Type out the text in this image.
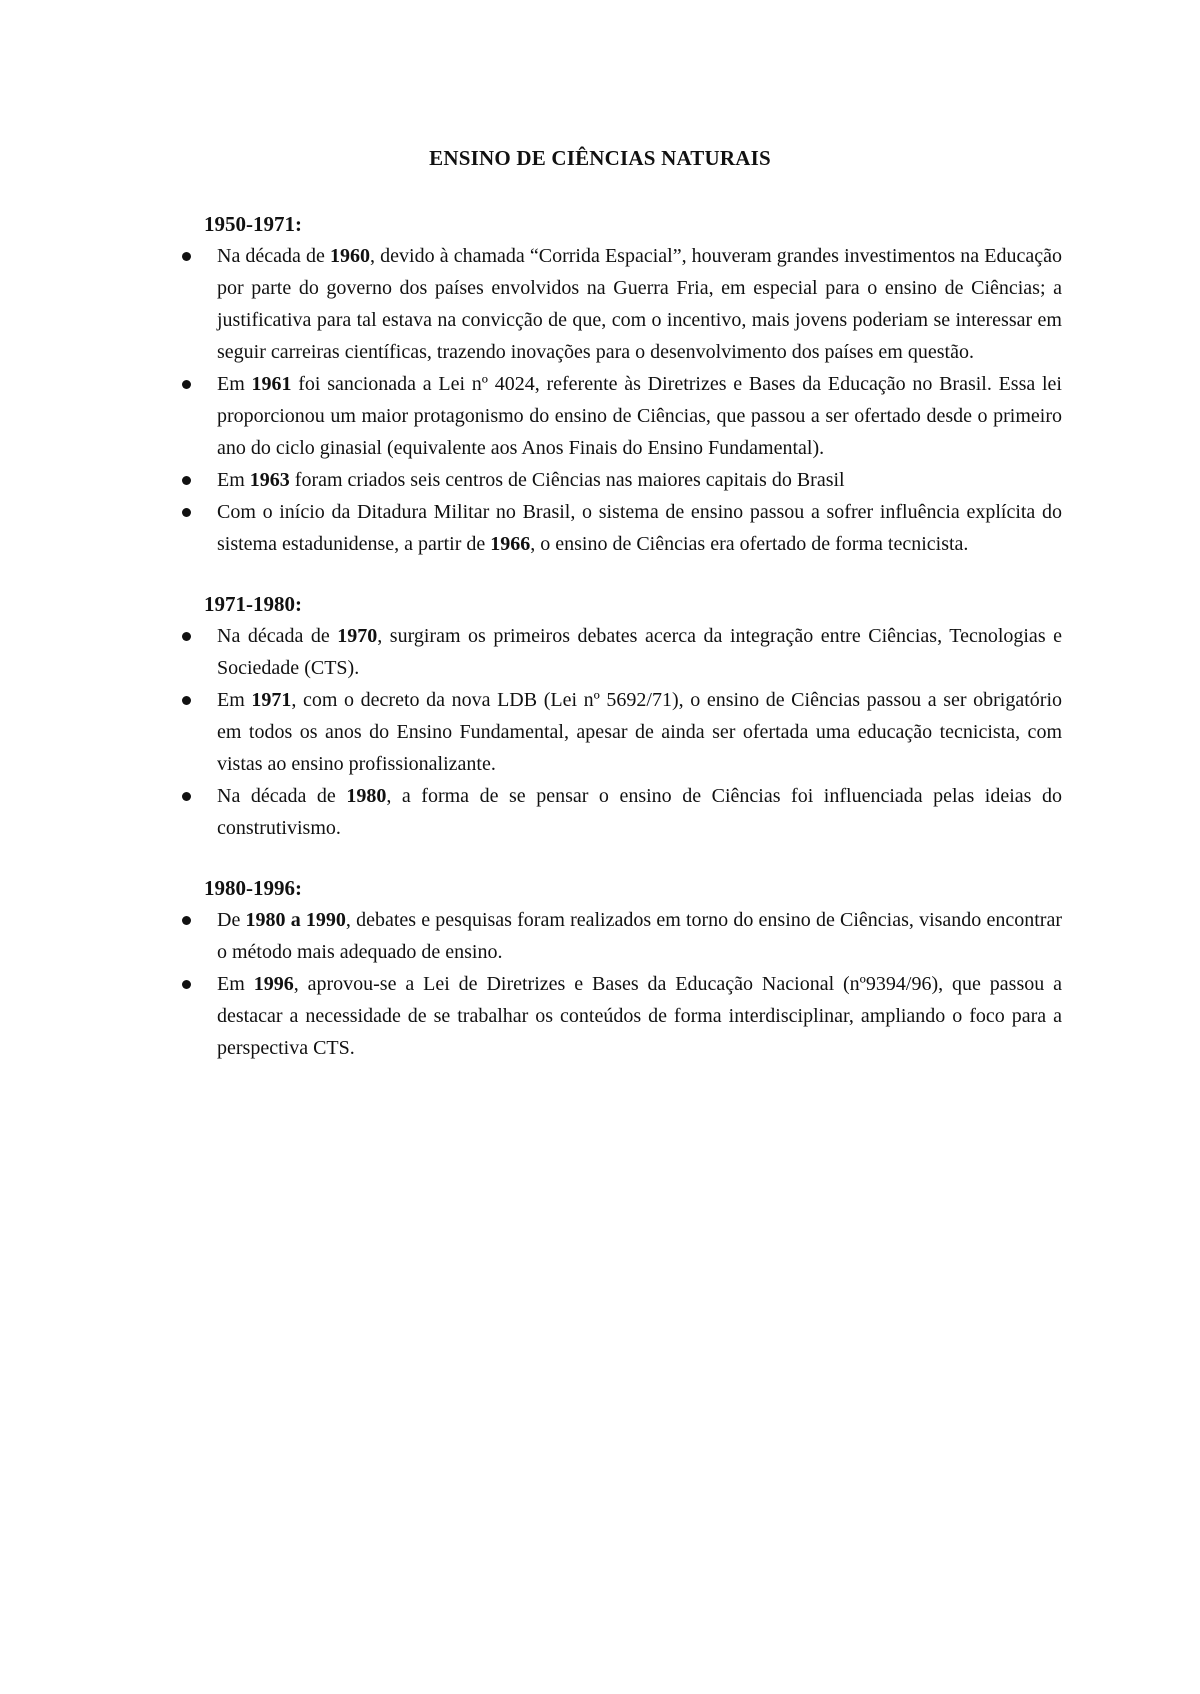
ENSINO DE CIÊNCIAS NATURAIS
1950-1971:
Na década de 1960, devido à chamada “Corrida Espacial”, houveram grandes investimentos na Educação por parte do governo dos países envolvidos na Guerra Fria, em especial para o ensino de Ciências; a justificativa para tal estava na convicção de que, com o incentivo, mais jovens poderiam se interessar em seguir carreiras científicas, trazendo inovações para o desenvolvimento dos países em questão.
Em 1961 foi sancionada a Lei nº 4024, referente às Diretrizes e Bases da Educação no Brasil. Essa lei proporcionou um maior protagonismo do ensino de Ciências, que passou a ser ofertado desde o primeiro ano do ciclo ginasial (equivalente aos Anos Finais do Ensino Fundamental).
Em 1963 foram criados seis centros de Ciências nas maiores capitais do Brasil
Com o início da Ditadura Militar no Brasil, o sistema de ensino passou a sofrer influência explícita do sistema estadunidense, a partir de 1966, o ensino de Ciências era ofertado de forma tecnicista.
1971-1980:
Na década de 1970, surgiram os primeiros debates acerca da integração entre Ciências, Tecnologias e Sociedade (CTS).
Em 1971, com o decreto da nova LDB (Lei nº 5692/71), o ensino de Ciências passou a ser obrigatório em todos os anos do Ensino Fundamental, apesar de ainda ser ofertada uma educação tecnicista, com vistas ao ensino profissionalizante.
Na década de 1980, a forma de se pensar o ensino de Ciências foi influenciada pelas ideias do construtivismo.
1980-1996:
De 1980 a 1990, debates e pesquisas foram realizados em torno do ensino de Ciências, visando encontrar o método mais adequado de ensino.
Em 1996, aprovou-se a Lei de Diretrizes e Bases da Educação Nacional (nº9394/96), que passou a destacar a necessidade de se trabalhar os conteúdos de forma interdisciplinar, ampliando o foco para a perspectiva CTS.
